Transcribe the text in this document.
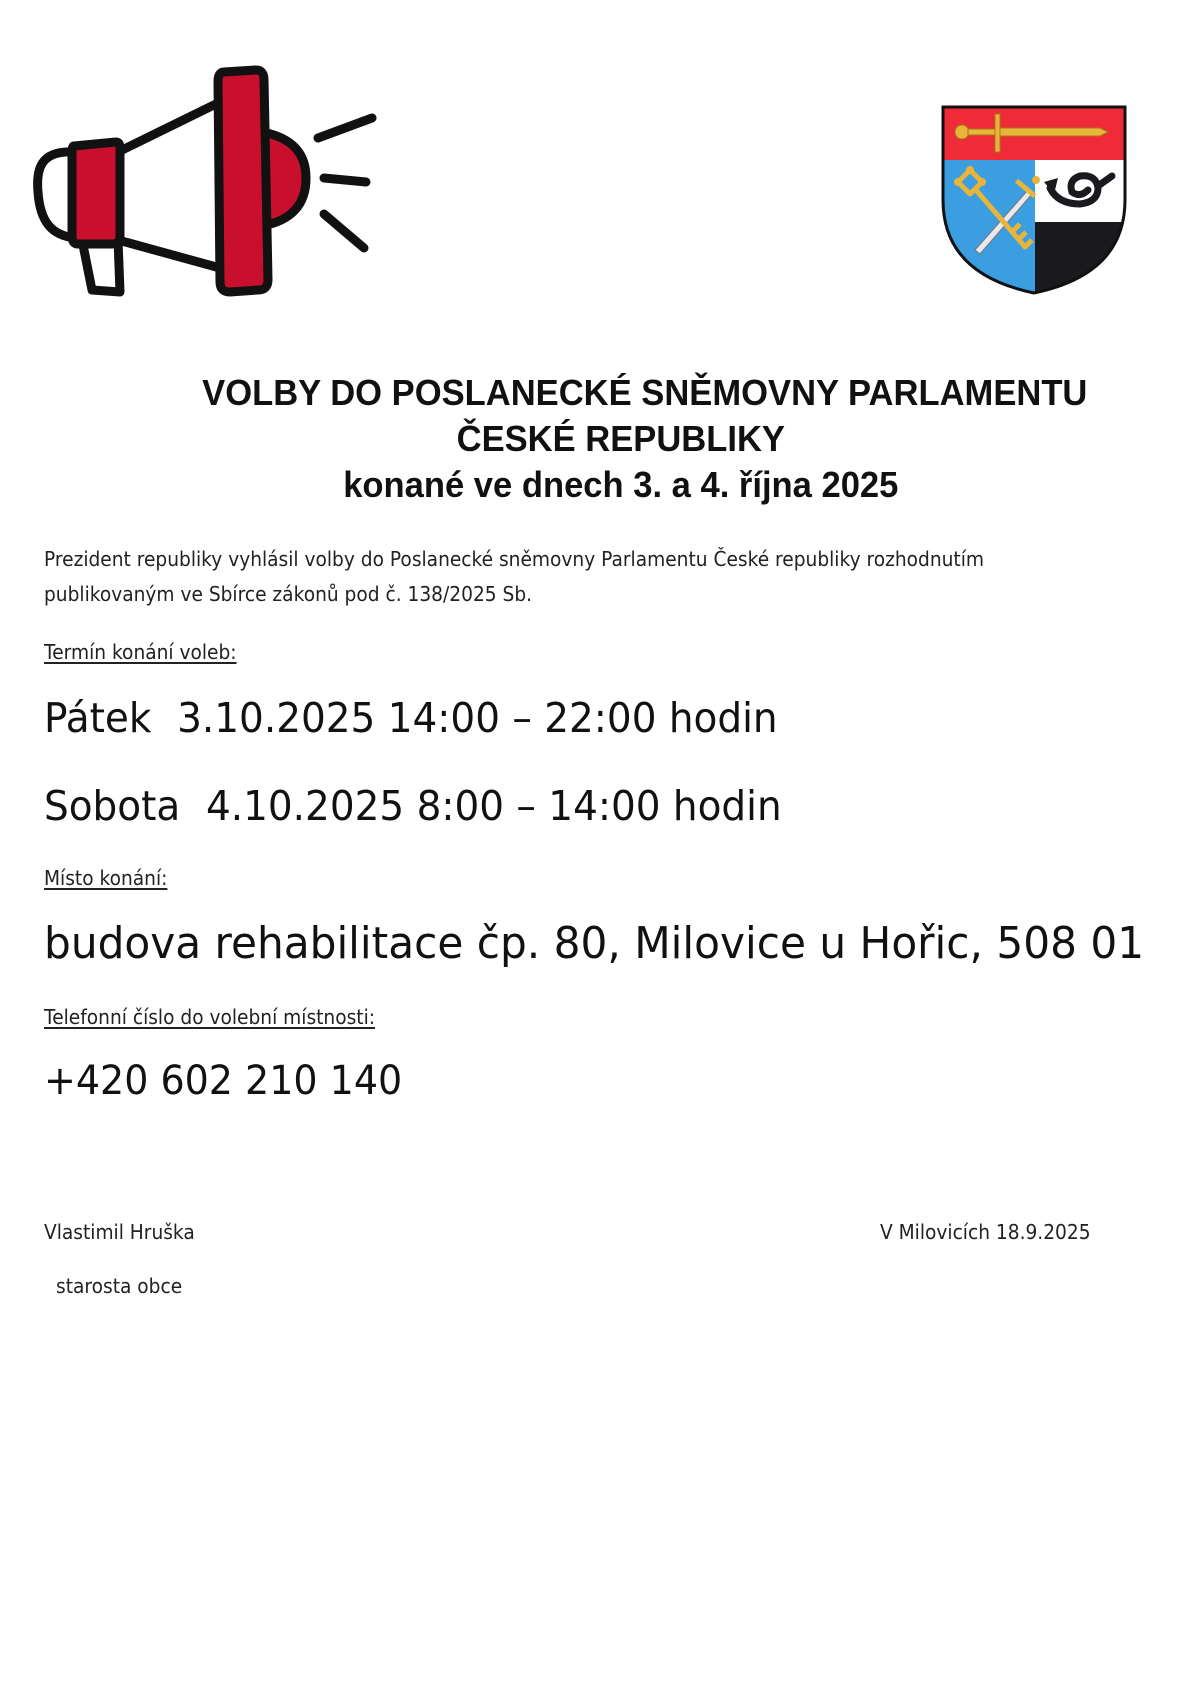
VOLBY DO POSLANECKÉ SNĚMOVNY PARLAMENTU
ČESKÉ REPUBLIKY
konané ve dnech 3. a 4. října 2025
Prezident republiky vyhlásil volby do Poslanecké sněmovny Parlamentu České republiky rozhodnutím
publikovaným ve Sbírce zákonů pod č. 138/2025 Sb.
Termín konání voleb:
Pátek 3.10.2025 14:00 – 22:00 hodin
Sobota 4.10.2025 8:00 – 14:00 hodin
Místo konání:
budova rehabilitace čp. 80, Milovice u Hořic, 508 01
Telefonní číslo do volební místnosti:
+420 602 210 140
Vlastimil Hruška
starosta obce
V Milovicích 18.9.2025
